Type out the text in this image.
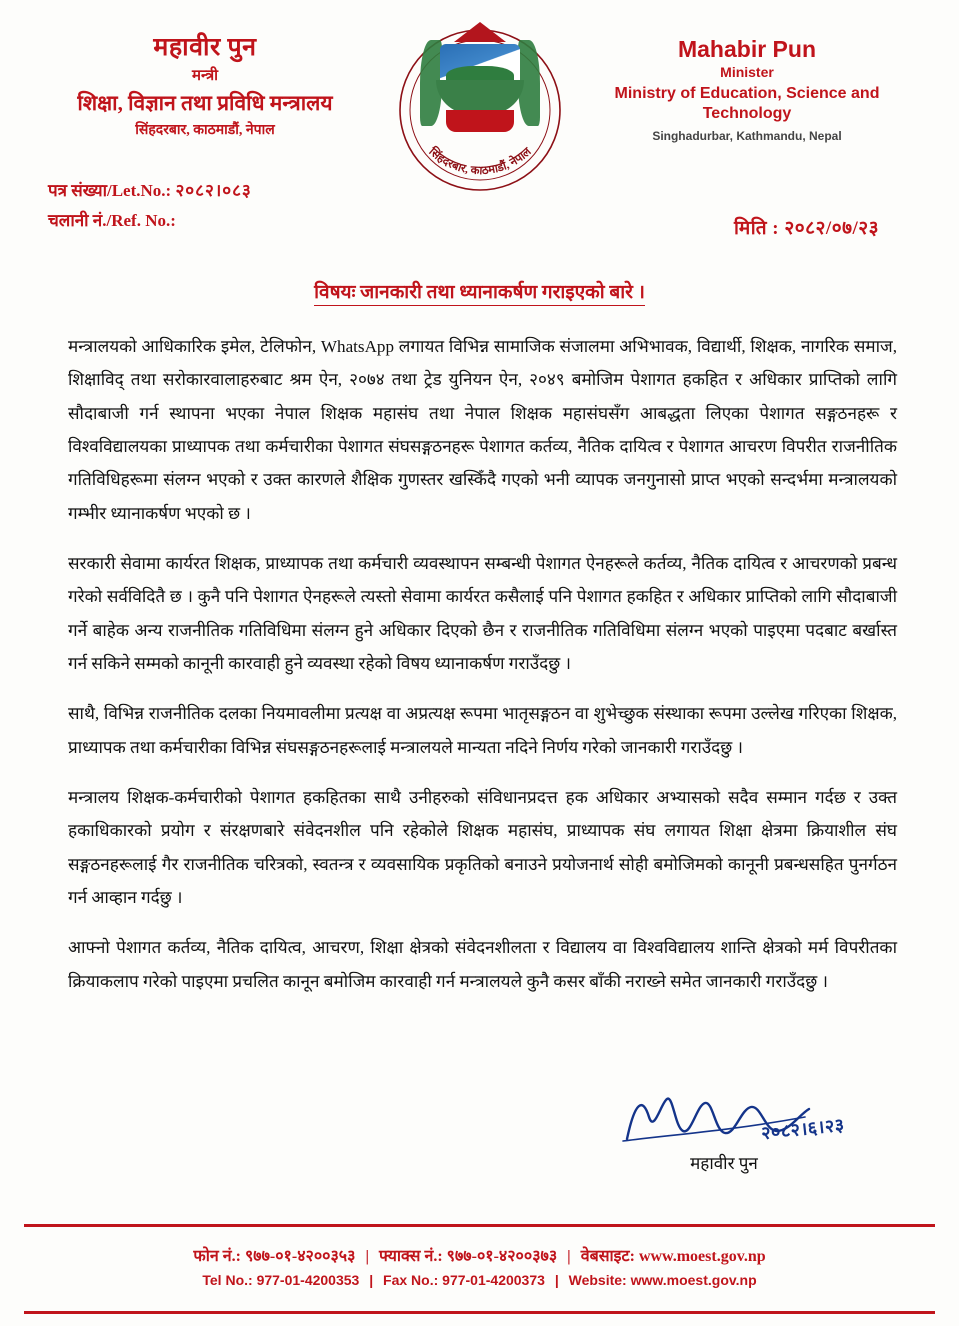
महावीर पुन
मन्त्री
शिक्षा, विज्ञान तथा प्रविधि मन्त्रालय
सिंहदरबार, काठमाडौं, नेपाल
सिंहदरबार, काठमाडौं, नेपाल
Mahabir Pun
Minister
Ministry of Education, Science and Technology
Singhadurbar, Kathmandu, Nepal
पत्र संख्या/Let.No.: २०८२।०८३
चलानी नं./Ref. No.:	मिति : २०८२/०७/२३
विषयः जानकारी तथा ध्यानाकर्षण गराइएको बारे ।

मन्त्रालयको आधिकारिक इमेल, टेलिफोन, WhatsApp लगायत विभिन्न सामाजिक संजालमा अभिभावक, विद्यार्थी, शिक्षक, नागरिक समाज, शिक्षाविद् तथा सरोकारवालाहरुबाट श्रम ऐन, २०७४ तथा ट्रेड युनियन ऐन, २०४९ बमोजिम पेशागत हकहित र अधिकार प्राप्तिको लागि सौदाबाजी गर्न स्थापना भएका नेपाल शिक्षक महासंघ तथा नेपाल शिक्षक महासंघसँग आबद्धता लिएका पेशागत सङ्गठनहरू र विश्वविद्यालयका प्राध्यापक तथा कर्मचारीका पेशागत संघसङ्गठनहरू पेशागत कर्तव्य, नैतिक दायित्व र पेशागत आचरण विपरीत राजनीतिक गतिविधिहरूमा संलग्न भएको र उक्त कारणले शैक्षिक गुणस्तर खस्किँदै गएको भनी व्यापक जनगुनासो प्राप्त भएको सन्दर्भमा मन्त्रालयको गम्भीर ध्यानाकर्षण भएको छ ।

सरकारी सेवामा कार्यरत शिक्षक, प्राध्यापक तथा कर्मचारी व्यवस्थापन सम्बन्धी पेशागत ऐनहरूले कर्तव्य, नैतिक दायित्व र आचरणको प्रबन्ध गरेको सर्वविदितै छ । कुनै पनि पेशागत ऐनहरूले त्यस्तो सेवामा कार्यरत कसैलाई पनि पेशागत हकहित र अधिकार प्राप्तिको लागि सौदाबाजी गर्ने बाहेक अन्य राजनीतिक गतिविधिमा संलग्न हुने अधिकार दिएको छैन र राजनीतिक गतिविधिमा संलग्न भएको पाइएमा पदबाट बर्खास्त गर्न सकिने सम्मको कानूनी कारवाही हुने व्यवस्था रहेको विषय ध्यानाकर्षण गराउँदछु ।

साथै, विभिन्न राजनीतिक दलका नियमावलीमा प्रत्यक्ष वा अप्रत्यक्ष रूपमा भातृसङ्गठन वा शुभेच्छुक संस्थाका रूपमा उल्लेख गरिएका शिक्षक, प्राध्यापक तथा कर्मचारीका विभिन्न संघसङ्गठनहरूलाई मन्त्रालयले मान्यता नदिने निर्णय गरेको जानकारी गराउँदछु ।

मन्त्रालय शिक्षक-कर्मचारीको पेशागत हकहितका साथै उनीहरुको संविधानप्रदत्त हक अधिकार अभ्यासको सदैव सम्मान गर्दछ र उक्त हकाधिकारको प्रयोग र संरक्षणबारे संवेदनशील पनि रहेकोले शिक्षक महासंघ, प्राध्यापक संघ लगायत शिक्षा क्षेत्रमा क्रियाशील संघ सङ्गठनहरूलाई गैर राजनीतिक चरित्रको, स्वतन्त्र र व्यवसायिक प्रकृतिको बनाउने प्रयोजनार्थ सोही बमोजिमको कानूनी प्रबन्धसहित पुनर्गठन गर्न आव्हान गर्दछु ।

आफ्नो पेशागत कर्तव्य, नैतिक दायित्व, आचरण, शिक्षा क्षेत्रको संवेदनशीलता र विद्यालय वा विश्वविद्यालय शान्ति क्षेत्रको मर्म विपरीतका क्रियाकलाप गरेको पाइएमा प्रचलित कानून बमोजिम कारवाही गर्न मन्त्रालयले कुनै कसर बाँकी नराख्ने समेत जानकारी गराउँदछु ।

२०८२।६।२३
महावीर पुन
फोन नं.: ९७७-०१-४२००३५३ | फ्याक्स नं.: ९७७-०१-४२००३७३ | वेबसाइट: www.moest.gov.np
Tel No.: 977-01-4200353 | Fax No.: 977-01-4200373 | Website: www.moest.gov.np
